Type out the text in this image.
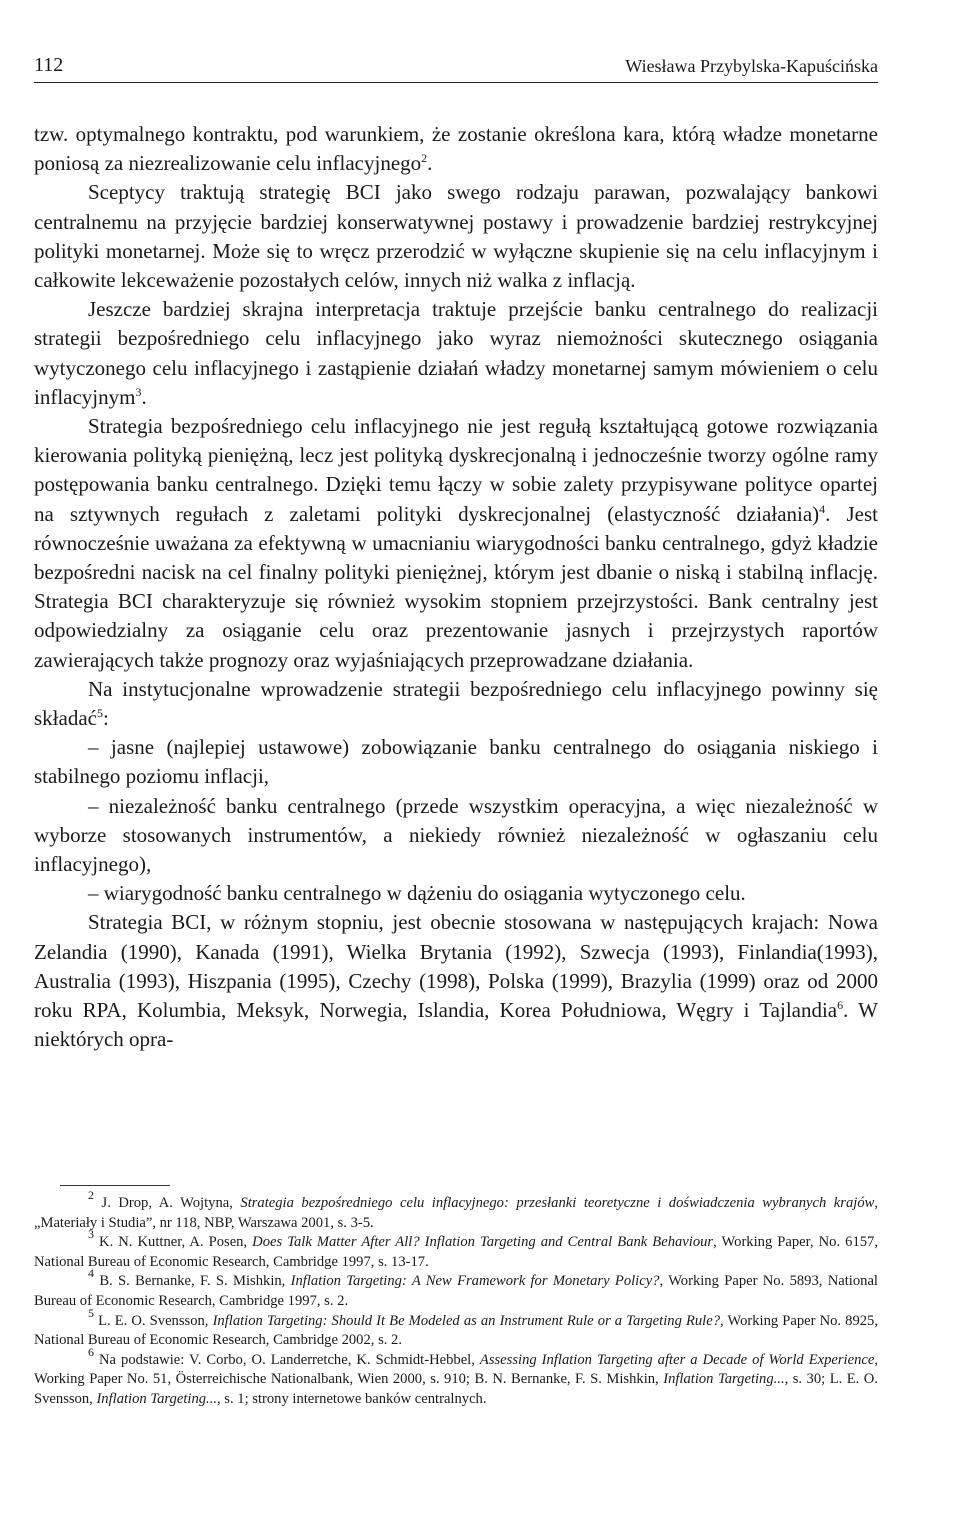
112	Wiesława Przybylska-Kapuścińska

tzw. optymalnego kontraktu, pod warunkiem, że zostanie określona kara, którą władze monetarne poniosą za niezrealizowanie celu inflacyjnego$^2$.

Sceptycy traktują strategię BCI jako swego rodzaju parawan, pozwalający bankowi centralnemu na przyjęcie bardziej konserwatywnej postawy i prowadzenie bardziej restrykcyjnej polityki monetarnej. Może się to wręcz przerodzić w wyłączne skupienie się na celu inflacyjnym i całkowite lekceważenie pozostałych celów, innych niż walka z inflacją.

Jeszcze bardziej skrajna interpretacja traktuje przejście banku centralnego do realizacji strategii bezpośredniego celu inflacyjnego jako wyraz niemożności skutecznego osiągania wytyczonego celu inflacyjnego i zastąpienie działań władzy monetarnej samym mówieniem o celu inflacyjnym$^3$.

Strategia bezpośredniego celu inflacyjnego nie jest regułą kształtującą gotowe rozwiązania kierowania polityką pieniężną, lecz jest polityką dyskrecjonalną i jednocześnie tworzy ogólne ramy postępowania banku centralnego. Dzięki temu łączy w sobie zalety przypisywane polityce opartej na sztywnych regułach z zaletami polityki dyskrecjonalnej (elastyczność działania)$^4$. Jest równocześnie uważana za efektywną w umacnianiu wiarygodności banku centralnego, gdyż kładzie bezpośredni nacisk na cel finalny polityki pieniężnej, którym jest dbanie o niską i stabilną inflację. Strategia BCI charakteryzuje się również wysokim stopniem przejrzystości. Bank centralny jest odpowiedzialny za osiąganie celu oraz prezentowanie jasnych i przejrzystych raportów zawierających także prognozy oraz wyjaśniających przeprowadzane działania.

Na instytucjonalne wprowadzenie strategii bezpośredniego celu inflacyjnego powinny się składać$^5$:

– jasne (najlepiej ustawowe) zobowiązanie banku centralnego do osiągania niskiego i stabilnego poziomu inflacji,

– niezależność banku centralnego (przede wszystkim operacyjna, a więc niezależność w wyborze stosowanych instrumentów, a niekiedy również niezależność w ogłaszaniu celu inflacyjnego),

– wiarygodność banku centralnego w dążeniu do osiągania wytyczonego celu.

Strategia BCI, w różnym stopniu, jest obecnie stosowana w następujących krajach: Nowa Zelandia (1990), Kanada (1991), Wielka Brytania (1992), Szwecja (1993), Finlandia(1993), Australia (1993), Hiszpania (1995), Czechy (1998), Polska (1999), Brazylia (1999) oraz od 2000 roku RPA, Kolumbia, Meksyk, Norwegia, Islandia, Korea Południowa, Węgry i Tajlandia$^6$. W niektórych opra-

$^2$ J. Drop, A. Wojtyna, Strategia bezpośredniego celu inflacyjnego: przesłanki teoretyczne i doświadczenia wybranych krajów, „Materiały i Studia”, nr 118, NBP, Warszawa 2001, s. 3-5.

$^3$ K. N. Kuttner, A. Posen, Does Talk Matter After All? Inflation Targeting and Central Bank Behaviour, Working Paper, No. 6157, National Bureau of Economic Research, Cambridge 1997, s. 13-17.

$^4$ B. S. Bernanke, F. S. Mishkin, Inflation Targeting: A New Framework for Monetary Policy?, Working Paper No. 5893, National Bureau of Economic Research, Cambridge 1997, s. 2.

$^5$ L. E. O. Svensson, Inflation Targeting: Should It Be Modeled as an Instrument Rule or a Targeting Rule?, Working Paper No. 8925, National Bureau of Economic Research, Cambridge 2002, s. 2.

$^6$ Na podstawie: V. Corbo, O. Landerretche, K. Schmidt-Hebbel, Assessing Inflation Targeting after a Decade of World Experience, Working Paper No. 51, Österreichische Nationalbank, Wien 2000, s. 910; B. N. Bernanke, F. S. Mishkin, Inflation Targeting..., s. 30; L. E. O. Svensson, Inflation Targeting..., s. 1; strony internetowe banków centralnych.
